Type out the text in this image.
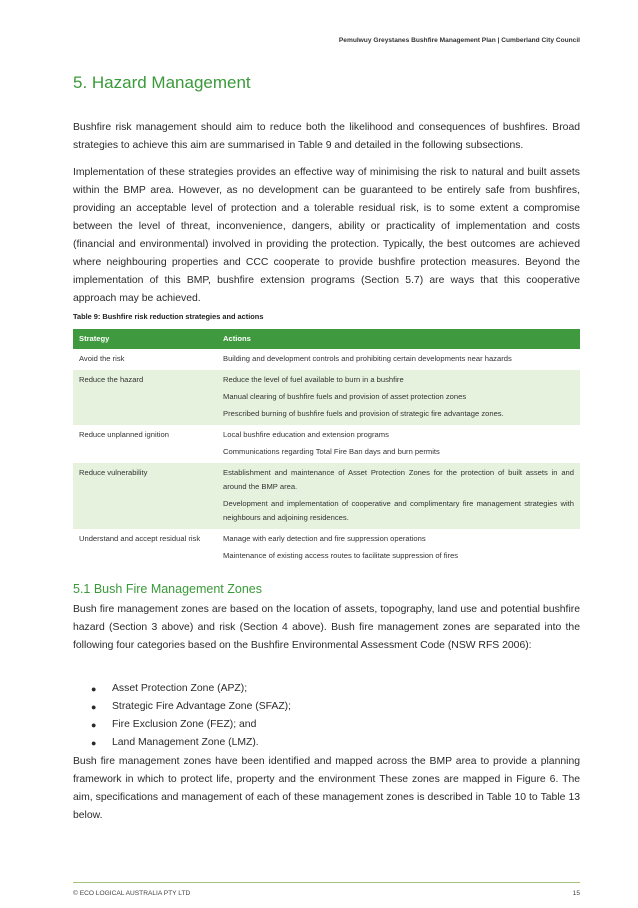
Pemulwuy Greystanes Bushfire Management Plan | Cumberland City Council
5. Hazard Management

Bushfire risk management should aim to reduce both the likelihood and consequences of bushfires. Broad strategies to achieve this aim are summarised in Table 9 and detailed in the following subsections.

Implementation of these strategies provides an effective way of minimising the risk to natural and built assets within the BMP area. However, as no development can be guaranteed to be entirely safe from bushfires, providing an acceptable level of protection and a tolerable residual risk, is to some extent a compromise between the level of threat, inconvenience, dangers, ability or practicality of implementation and costs (financial and environmental) involved in providing the protection. Typically, the best outcomes are achieved where neighbouring properties and CCC cooperate to provide bushfire protection measures. Beyond the implementation of this BMP, bushfire extension programs (Section 5.7) are ways that this cooperative approach may be achieved.

Table 9: Bushfire risk reduction strategies and actions
Strategy	Actions
Avoid the risk	Building and development controls and prohibiting certain developments near hazards

Reduce the hazard	Reduce the level of fuel available to burn in a bushfire
Manual clearing of bushfire fuels and provision of asset protection zones
Prescribed burning of bushfire fuels and provision of strategic fire advantage zones.

Reduce unplanned ignition	Local bushfire education and extension programs
Communications regarding Total Fire Ban days and burn permits

Reduce vulnerability	Establishment and maintenance of Asset Protection Zones for the protection of built assets in and around the BMP area.
Development and implementation of cooperative and complimentary fire management strategies with neighbours and adjoining residences.

Understand and accept residual risk	Manage with early detection and fire suppression operations
Maintenance of existing access routes to facilitate suppression of fires
5.1 Bush Fire Management Zones

Bush fire management zones are based on the location of assets, topography, land use and potential bushfire hazard (Section 3 above) and risk (Section 4 above). Bush fire management zones are separated into the following four categories based on the Bushfire Environmental Assessment Code (NSW RFS 2006):

● Asset Protection Zone (APZ);
● Strategic Fire Advantage Zone (SFAZ);
● Fire Exclusion Zone (FEZ); and
● Land Management Zone (LMZ).

Bush fire management zones have been identified and mapped across the BMP area to provide a planning framework in which to protect life, property and the environment These zones are mapped in Figure 6. The aim, specifications and management of each of these management zones is described in Table 10 to Table 13 below.

© ECO LOGICAL AUSTRALIA PTY LTD	15
